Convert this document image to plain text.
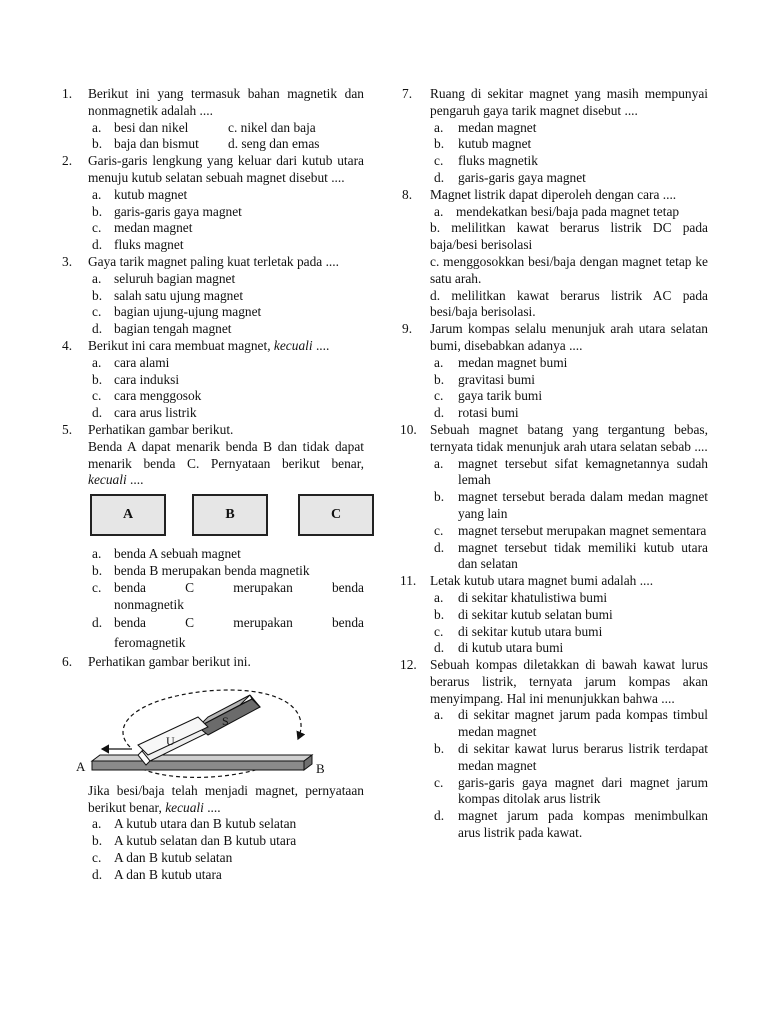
1. Berikut ini yang termasuk bahan magnetik dan nonmagnetik adalah ....
a. besi dan nikel	c. nikel dan baja
b. baja dan bismut	d. seng dan emas
2. Garis-garis lengkung yang keluar dari kutub utara menuju kutub selatan sebuah magnet disebut ....
a. kutub magnet
b. garis-garis gaya magnet
c. medan magnet
d. fluks magnet
3. Gaya tarik magnet paling kuat terletak pada ....
a. seluruh bagian magnet
b. salah satu ujung magnet
c. bagian ujung-ujung magnet
d. bagian tengah magnet
4. Berikut ini cara membuat magnet, kecuali ....
a. cara alami
b. cara induksi
c. cara menggosok
d. cara arus listrik
5. Perhatikan gambar berikut.
Benda A dapat menarik benda B dan tidak dapat menarik benda C. Pernyataan berikut benar, kecuali ....
A	B	C
a. benda A sebuah magnet
b. benda B merupakan benda magnetik
c. benda	C	merupakan	benda
nonmagnetik
d. benda	C	merupakan	benda
feromagnetik
6. Perhatikan gambar berikut ini.
S
U
A	B
Jika besi/baja telah menjadi magnet, pernyataan berikut benar, kecuali ....
a. A kutub utara dan B kutub selatan
b. A kutub selatan dan B kutub utara
c. A dan B kutub selatan
d. A dan B kutub utara
7. Ruang di sekitar magnet yang masih mempunyai pengaruh gaya tarik magnet disebut ....
a. medan magnet
b. kutub magnet
c. fluks magnetik
d. garis-garis gaya magnet
8. Magnet listrik dapat diperoleh dengan cara ....
a. mendekatkan besi/baja pada magnet tetap
b. melilitkan kawat berarus listrik DC pada baja/besi berisolasi
c. menggosokkan besi/baja dengan magnet tetap ke satu arah.
d. melilitkan kawat berarus listrik AC pada besi/baja berisolasi.
9. Jarum kompas selalu menunjuk arah utara selatan bumi, disebabkan adanya ....
a. medan magnet bumi
b. gravitasi bumi
c. gaya tarik bumi
d. rotasi bumi
10. Sebuah magnet batang yang tergantung bebas, ternyata tidak menunjuk arah utara selatan sebab ....
a. magnet tersebut sifat kemagnetannya sudah lemah
b. magnet tersebut berada dalam medan magnet yang lain
c. magnet tersebut merupakan magnet sementara
d. magnet tersebut tidak memiliki kutub utara dan selatan
11. Letak kutub utara magnet bumi adalah ....
a. di sekitar khatulistiwa bumi
b. di sekitar kutub selatan bumi
c. di sekitar kutub utara bumi
d. di kutub utara bumi
12. Sebuah kompas diletakkan di bawah kawat lurus berarus listrik, ternyata jarum kompas akan menyimpang. Hal ini menunjukkan bahwa ....
a. di sekitar magnet jarum pada kompas timbul medan magnet
b. di sekitar kawat lurus berarus listrik terdapat medan magnet
c. garis-garis gaya magnet dari magnet jarum kompas ditolak arus listrik
d. magnet jarum pada kompas menimbulkan arus listrik pada kawat.
